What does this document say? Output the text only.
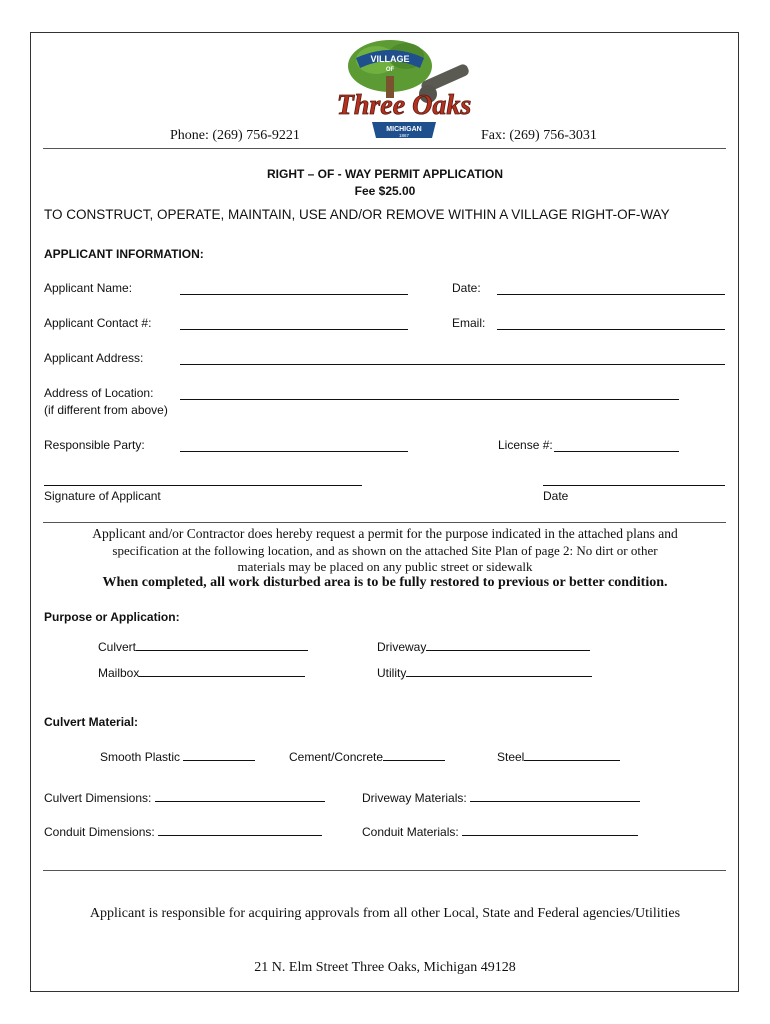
VILLAGE
OF
Three Oaks
MICHIGAN
1867
Phone: (269) 756-9221	Fax: (269) 756-3031
RIGHT – OF - WAY PERMIT APPLICATION
Fee $25.00
TO CONSTRUCT, OPERATE, MAINTAIN, USE AND/OR REMOVE WITHIN A VILLAGE RIGHT-OF-WAY
APPLICANT INFORMATION:
Applicant Name:	Date:
Applicant Contact #:	Email:
Applicant Address:
Address of Location:
(if different from above)
Responsible Party:	License #:
Signature of Applicant	Date
Applicant and/or Contractor does hereby request a permit for the purpose indicated in the attached plans and
specification at the following location, and as shown on the attached Site Plan of page 2: No dirt or other
materials may be placed on any public street or sidewalk
When completed, all work disturbed area is to be fully restored to previous or better condition.
Purpose or Application:
Culvert	Driveway
Mailbox	Utility
Culvert Material:
Smooth Plastic	Cement/Concrete	Steel
Culvert Dimensions:	Driveway Materials:
Conduit Dimensions:	Conduit Materials:
Applicant is responsible for acquiring approvals from all other Local, State and Federal agencies/Utilities
21 N. Elm Street Three Oaks, Michigan 49128
